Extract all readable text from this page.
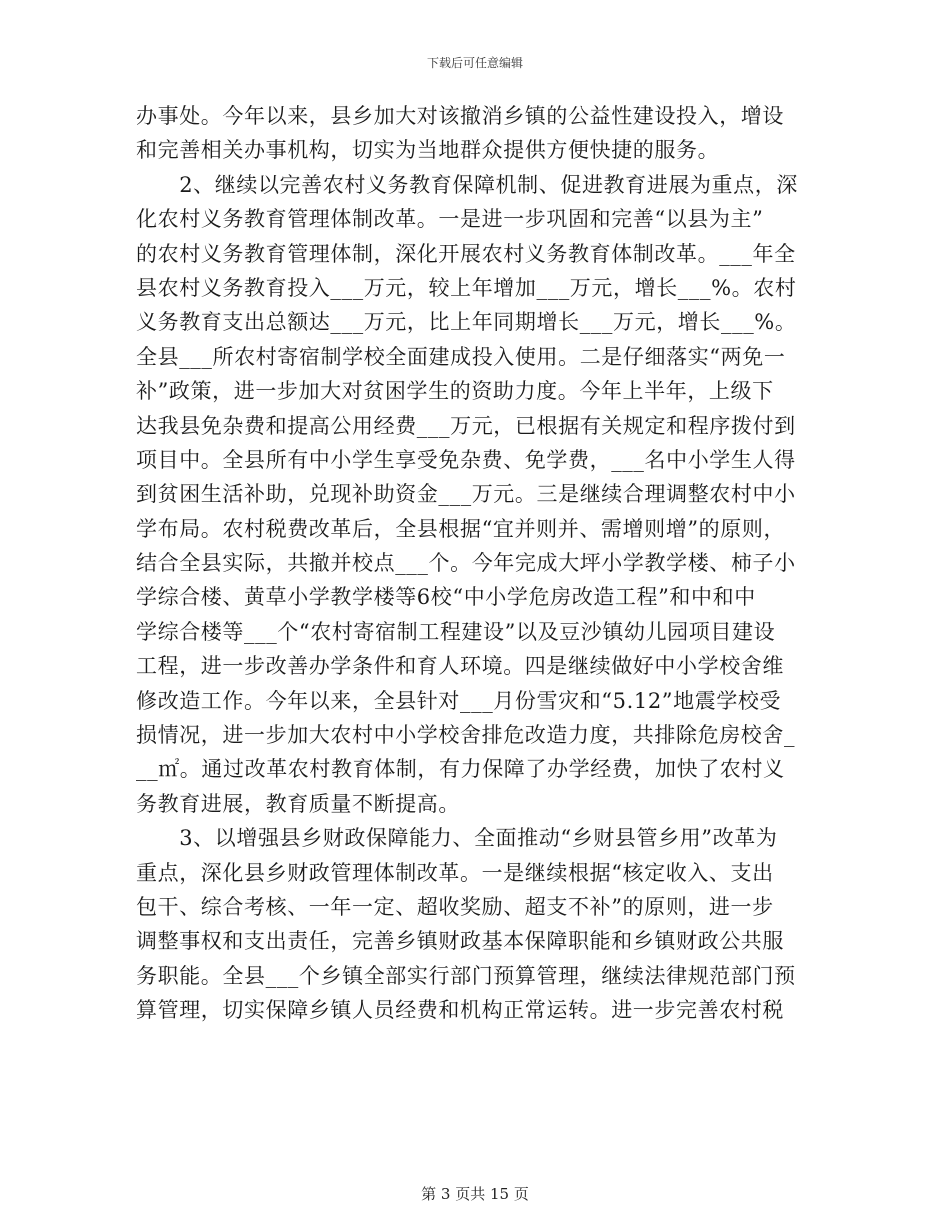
下载后可任意编辑
办事处。今年以来，县乡加大对该撤消乡镇的公益性建设投入，增设
和完善相关办事机构，切实为当地群众提供方便快捷的服务。
　　2、继续以完善农村义务教育保障机制、促进教育进展为重点，深
化农村义务教育管理体制改革。一是进一步巩固和完善“以县为主”
的农村义务教育管理体制，深化开展农村义务教育体制改革。___年全
县农村义务教育投入___万元，较上年增加___万元，增长___%。农村
义务教育支出总额达___万元，比上年同期增长___万元，增长___%。
全县___所农村寄宿制学校全面建成投入使用。二是仔细落实“两免一
补”政策，进一步加大对贫困学生的资助力度。今年上半年，上级下
达我县免杂费和提高公用经费___万元，已根据有关规定和程序拨付到
项目中。全县所有中小学生享受免杂费、免学费，___名中小学生人得
到贫困生活补助，兑现补助资金___万元。三是继续合理调整农村中小
学布局。农村税费改革后，全县根据“宜并则并、需增则增”的原则，
结合全县实际，共撤并校点___个。今年完成大坪小学教学楼、柿子小
学综合楼、黄草小学教学楼等6校“中小学危房改造工程”和中和中
学综合楼等___个“农村寄宿制工程建设”以及豆沙镇幼儿园项目建设
工程，进一步改善办学条件和育人环境。四是继续做好中小学校舍维
修改造工作。今年以来，全县针对___月份雪灾和“5.12”地震学校受
损情况，进一步加大农村中小学校舍排危改造力度，共排除危房校舍_
__㎡。通过改革农村教育体制，有力保障了办学经费，加快了农村义
务教育进展，教育质量不断提高。
　　3、以增强县乡财政保障能力、全面推动“乡财县管乡用”改革为
重点，深化县乡财政管理体制改革。一是继续根据“核定收入、支出
包干、综合考核、一年一定、超收奖励、超支不补”的原则，进一步
调整事权和支出责任，完善乡镇财政基本保障职能和乡镇财政公共服
务职能。全县___个乡镇全部实行部门预算管理，继续法律规范部门预
算管理，切实保障乡镇人员经费和机构正常运转。进一步完善农村税
第 3 页共 15 页
